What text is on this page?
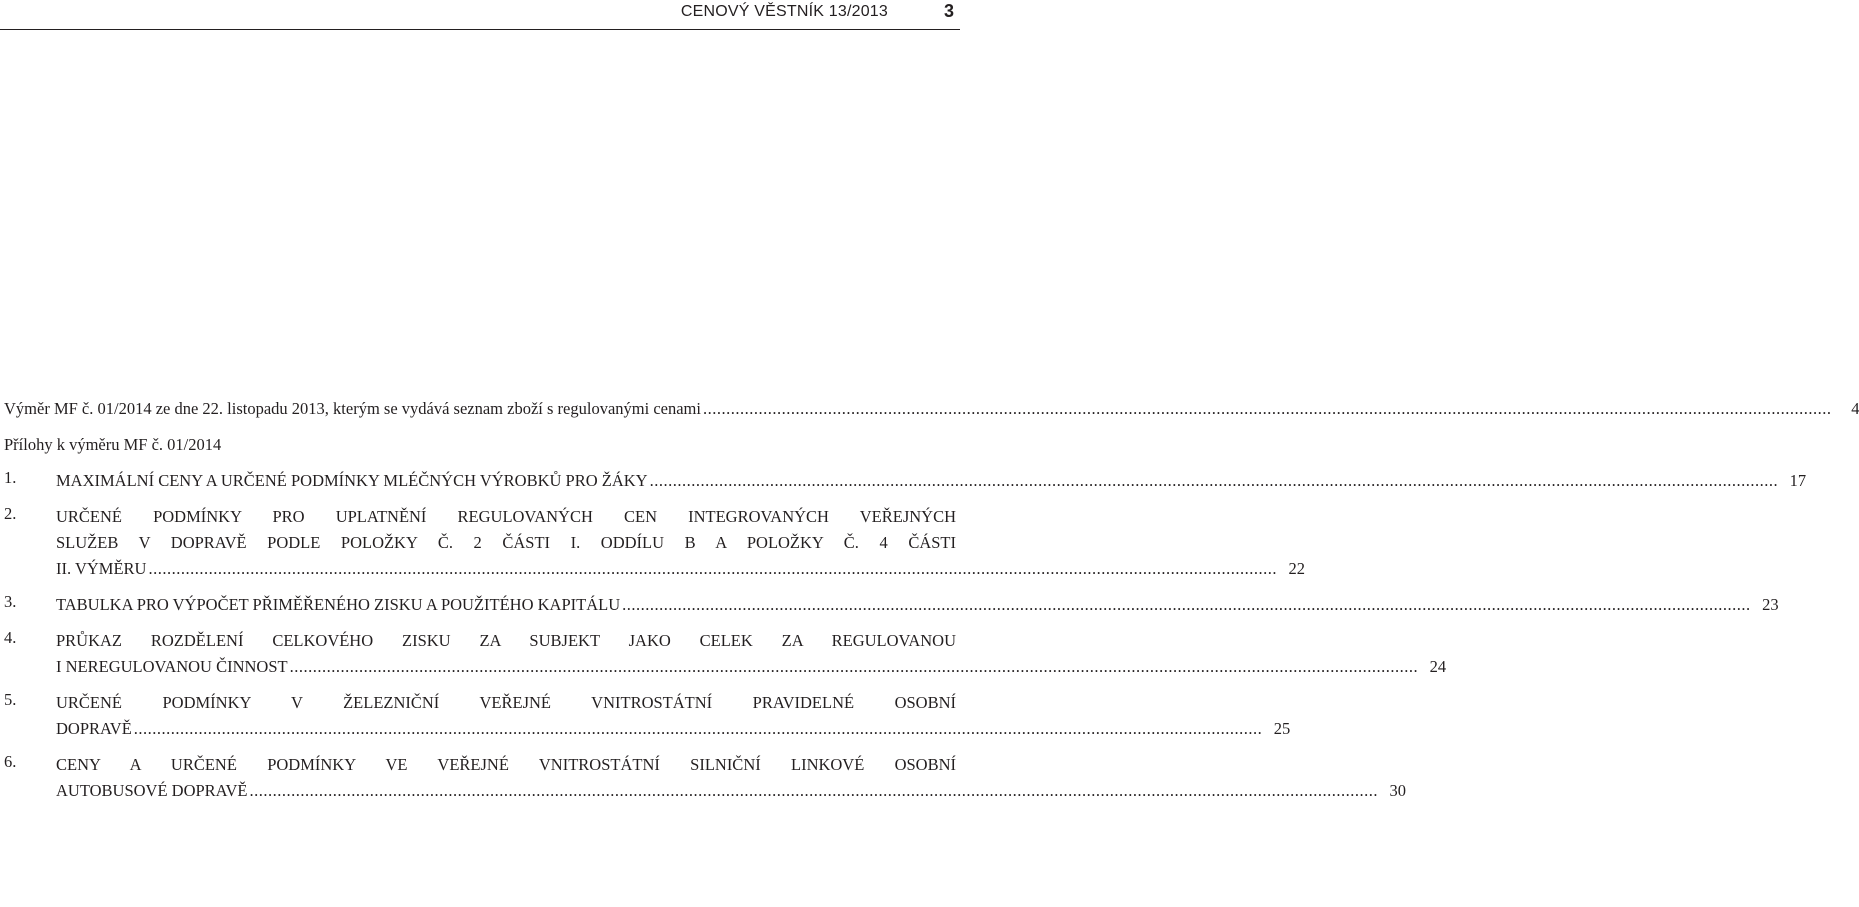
CENOVÝ VĚSTNÍK 13/2013	3
Výměr MF č. 01/2014 ze dne 22. listopadu 2013, kterým se vydává seznam zboží s regulovanými cenami .....	4
Přílohy k výměru MF č. 01/2014
1. MAXIMÁLNÍ CENY A URČENÉ PODMÍNKY MLÉČNÝCH VÝROBKŮ PRO ŽÁKY .....	17
2. URČENÉ PODMÍNKY PRO UPLATNĚNÍ REGULOVANÝCH CEN INTEGROVANÝCH VEŘEJNÝCH
SLUŽEB V DOPRAVĚ PODLE POLOŽKY Č. 2 ČÁSTI I. ODDÍLU B A POLOŽKY Č. 4 ČÁSTI
II. VÝMĚRU .....	22
3. TABULKA PRO VÝPOČET PŘIMĚŘENÉHO ZISKU A POUŽITÉHO KAPITÁLU .....	23
4. PRŮKAZ ROZDĚLENÍ CELKOVÉHO ZISKU ZA SUBJEKT JAKO CELEK ZA REGULOVANOU
I NEREGULOVANOU ČINNOST .....	24
5. URČENÉ PODMÍNKY V ŽELEZNIČNÍ VEŘEJNÉ VNITROSTÁTNÍ PRAVIDELNÉ OSOBNÍ
DOPRAVĚ .....	25
6. CENY A URČENÉ PODMÍNKY VE VEŘEJNÉ VNITROSTÁTNÍ SILNIČNÍ LINKOVÉ OSOBNÍ
AUTOBUSOVÉ DOPRAVĚ .....	30
